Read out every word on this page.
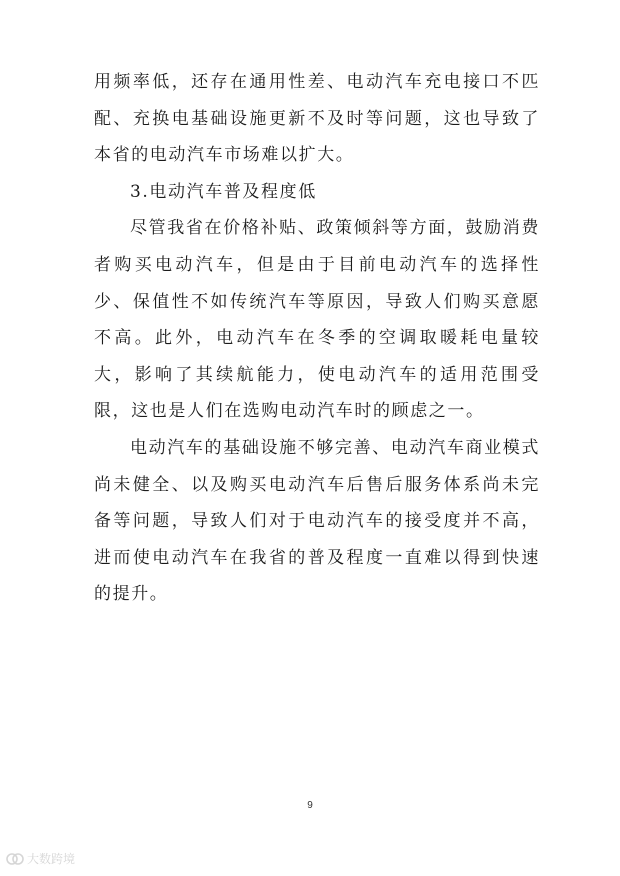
用频率低，还存在通用性差、电动汽车充电接口不匹配、充换电基础设施更新不及时等问题，这也导致了本省的电动汽车市场难以扩大。

3.电动汽车普及程度低

尽管我省在价格补贴、政策倾斜等方面，鼓励消费者购买电动汽车，但是由于目前电动汽车的选择性少、保值性不如传统汽车等原因，导致人们购买意愿不高。此外，电动汽车在冬季的空调取暖耗电量较大，影响了其续航能力，使电动汽车的适用范围受限，这也是人们在选购电动汽车时的顾虑之一。

电动汽车的基础设施不够完善、电动汽车商业模式尚未健全、以及购买电动汽车后售后服务体系尚未完备等问题，导致人们对于电动汽车的接受度并不高，进而使电动汽车在我省的普及程度一直难以得到快速的提升。

9
大数跨境
